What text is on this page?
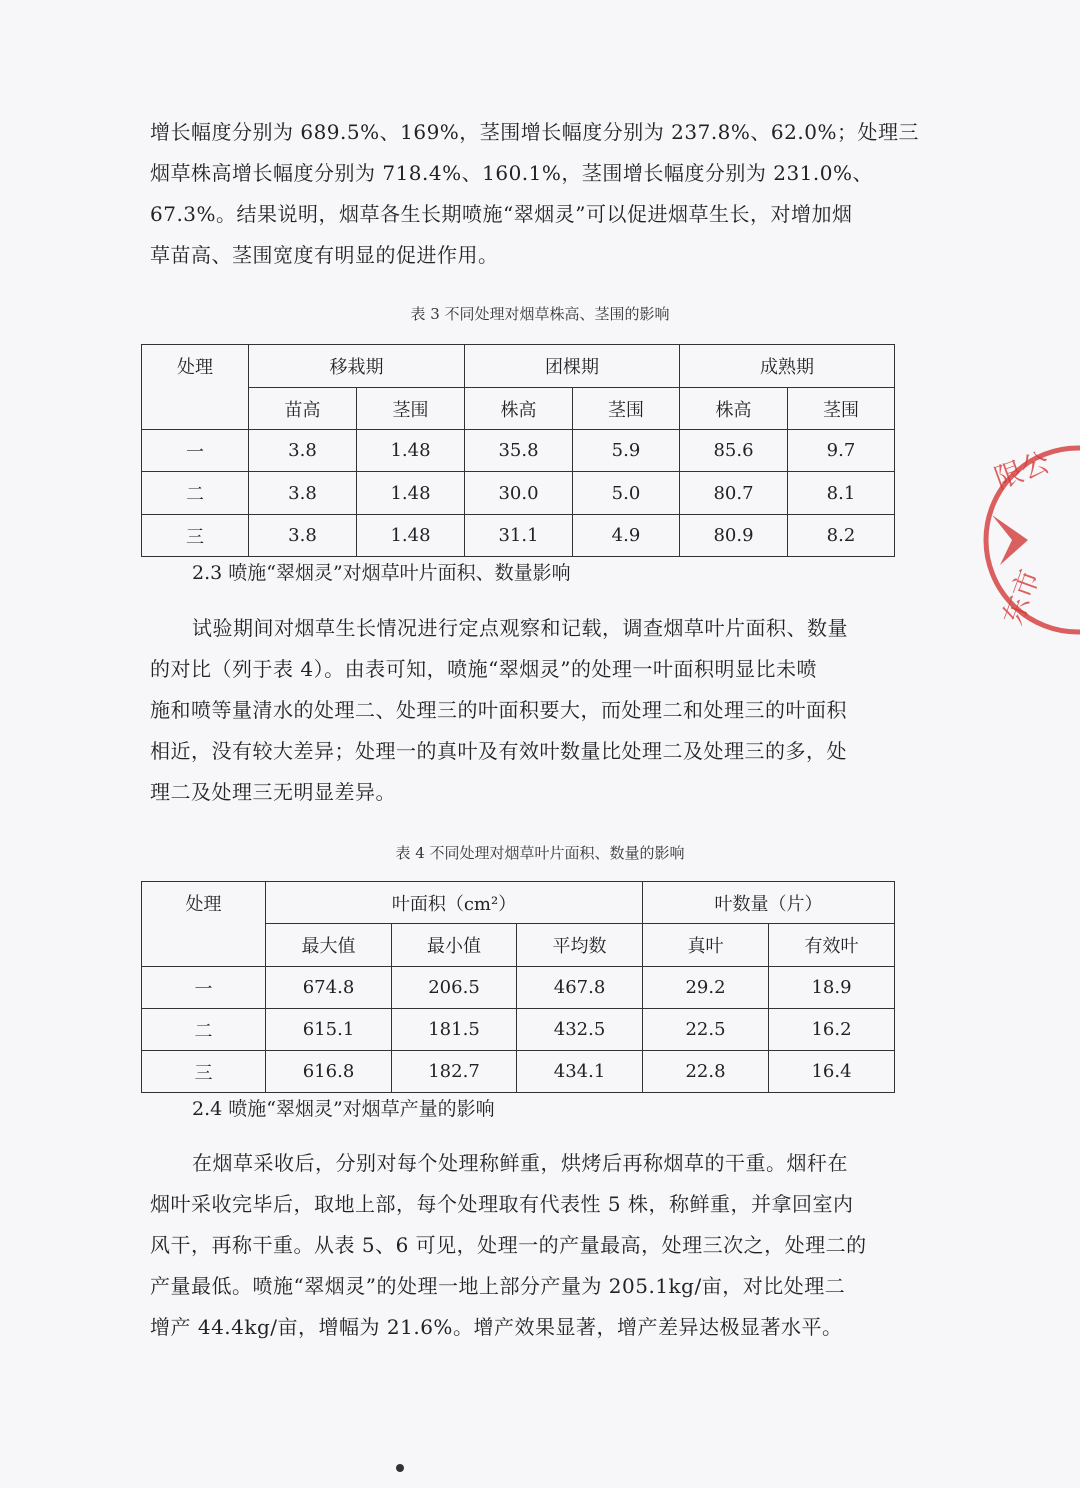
增长幅度分别为 689.5%、169%，茎围增长幅度分别为 237.8%、62.0%；处理三
烟草株高增长幅度分别为 718.4%、160.1%，茎围增长幅度分别为 231.0%、
67.3%。结果说明，烟草各生长期喷施“翠烟灵”可以促进烟草生长，对增加烟
草苗高、茎围宽度有明显的促进作用。

表 3 不同处理对烟草株高、茎围的影响

处理	移栽期		团棵期		成熟期	
	苗高	茎围	株高	茎围	株高	茎围
一	3.8	1.48	35.8	5.9	85.6	9.7
二	3.8	1.48	30.0	5.0	80.7	8.1
三	3.8	1.48	31.1	4.9	80.9	8.2

2.3 喷施“翠烟灵”对烟草叶片面积、数量影响

试验期间对烟草生长情况进行定点观察和记载，调查烟草叶片面积、数量
的对比（列于表 4）。由表可知，喷施“翠烟灵”的处理一叶面积明显比未喷
施和喷等量清水的处理二、处理三的叶面积要大，而处理二和处理三的叶面积
相近，没有较大差异；处理一的真叶及有效叶数量比处理二及处理三的多，处
理二及处理三无明显差异。

表 4 不同处理对烟草叶片面积、数量的影响

处理	叶面积（cm²）			叶数量（片）	
	最大值	最小值	平均数	真叶	有效叶
一	674.8	206.5	467.8	29.2	18.9
二	615.1	181.5	432.5	22.5	16.2
三	616.8	182.7	434.1	22.8	16.4

2.4 喷施“翠烟灵”对烟草产量的影响

在烟草采收后，分别对每个处理称鲜重，烘烤后再称烟草的干重。烟秆在
烟叶采收完毕后，取地上部，每个处理取有代表性 5 株，称鲜重，并拿回室内
风干，再称干重。从表 5、6 可见，处理一的产量最高，处理三次之，处理二的
产量最低。喷施“翠烟灵”的处理一地上部分产量为 205.1kg/亩，对比处理二
增产 44.4kg/亩，增幅为 21.6%。增产效果显著，增产差异达极显著水平。

限公
东市
